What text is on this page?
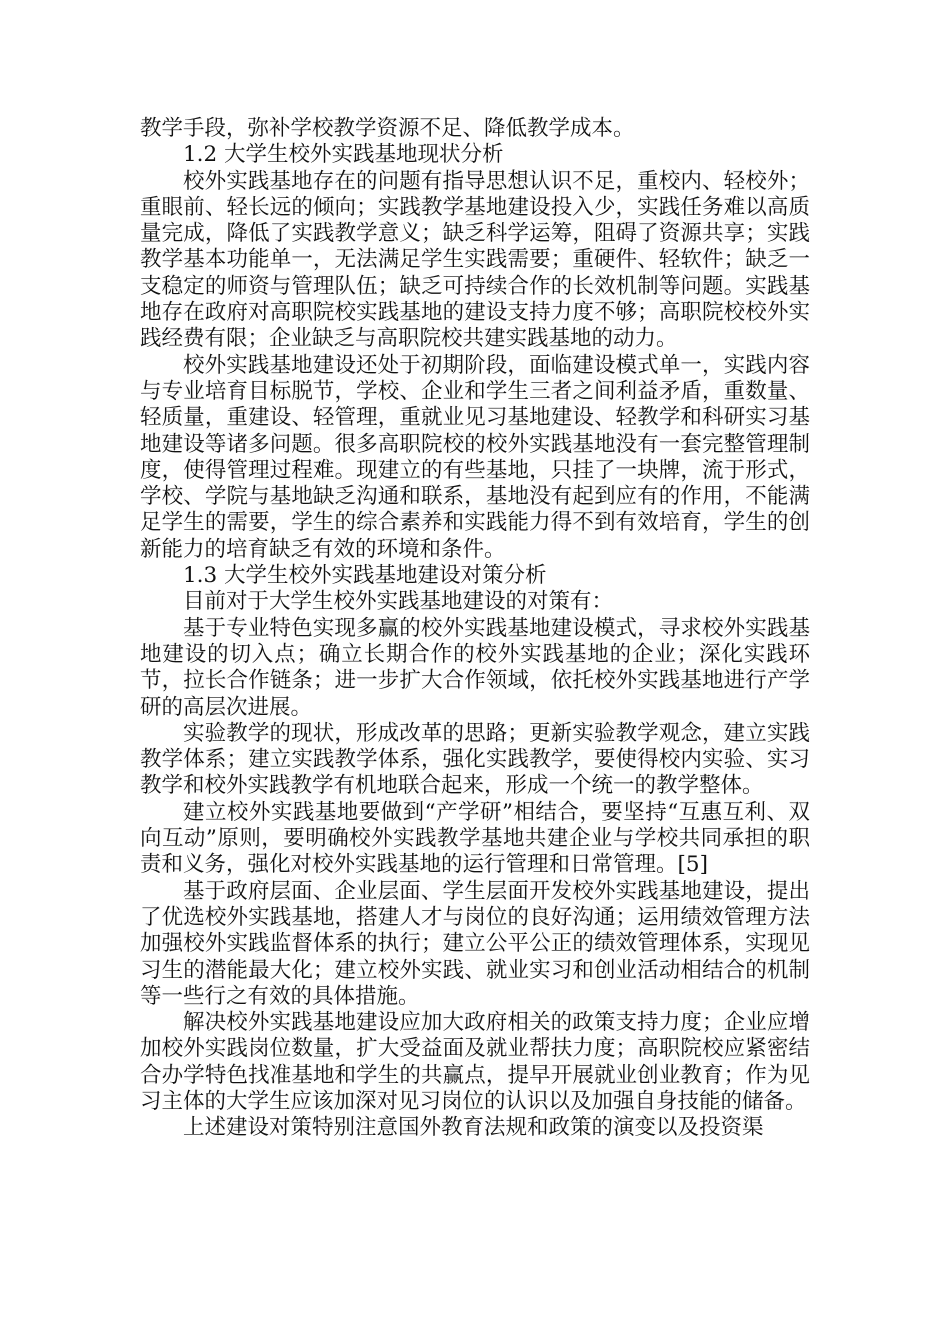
教学手段，弥补学校教学资源不足、降低教学成本。

1.2 大学生校外实践基地现状分析

校外实践基地存在的问题有指导思想认识不足，重校内、轻校外；重眼前、轻长远的倾向；实践教学基地建设投入少，实践任务难以高质量完成，降低了实践教学意义；缺乏科学运筹，阻碍了资源共享；实践教学基本功能单一，无法满足学生实践需要；重硬件、轻软件；缺乏一支稳定的师资与管理队伍；缺乏可持续合作的长效机制等问题。实践基地存在政府对高职院校实践基地的建设支持力度不够；高职院校校外实践经费有限；企业缺乏与高职院校共建实践基地的动力。

校外实践基地建设还处于初期阶段，面临建设模式单一，实践内容与专业培育目标脱节，学校、企业和学生三者之间利益矛盾，重数量、轻质量，重建设、轻管理，重就业见习基地建设、轻教学和科研实习基地建设等诸多问题。很多高职院校的校外实践基地没有一套完整管理制度，使得管理过程难。现建立的有些基地，只挂了一块牌，流于形式，学校、学院与基地缺乏沟通和联系，基地没有起到应有的作用，不能满足学生的需要，学生的综合素养和实践能力得不到有效培育，学生的创新能力的培育缺乏有效的环境和条件。

1.3 大学生校外实践基地建设对策分析

目前对于大学生校外实践基地建设的对策有：

基于专业特色实现多赢的校外实践基地建设模式，寻求校外实践基地建设的切入点；确立长期合作的校外实践基地的企业；深化实践环节，拉长合作链条；进一步扩大合作领域，依托校外实践基地进行产学研的高层次进展。

实验教学的现状，形成改革的思路；更新实验教学观念，建立实践教学体系；建立实践教学体系，强化实践教学，要使得校内实验、实习教学和校外实践教学有机地联合起来，形成一个统一的教学整体。

建立校外实践基地要做到“产学研”相结合，要坚持“互惠互利、双向互动”原则，要明确校外实践教学基地共建企业与学校共同承担的职责和义务，强化对校外实践基地的运行管理和日常管理。[5]

基于政府层面、企业层面、学生层面开发校外实践基地建设，提出了优选校外实践基地，搭建人才与岗位的良好沟通；运用绩效管理方法加强校外实践监督体系的执行；建立公平公正的绩效管理体系，实现见习生的潜能最大化；建立校外实践、就业实习和创业活动相结合的机制等一些行之有效的具体措施。

解决校外实践基地建设应加大政府相关的政策支持力度；企业应增加校外实践岗位数量，扩大受益面及就业帮扶力度；高职院校应紧密结合办学特色找准基地和学生的共赢点，提早开展就业创业教育；作为见习主体的大学生应该加深对见习岗位的认识以及加强自身技能的储备。

上述建设对策特别注意国外教育法规和政策的演变以及投资渠
